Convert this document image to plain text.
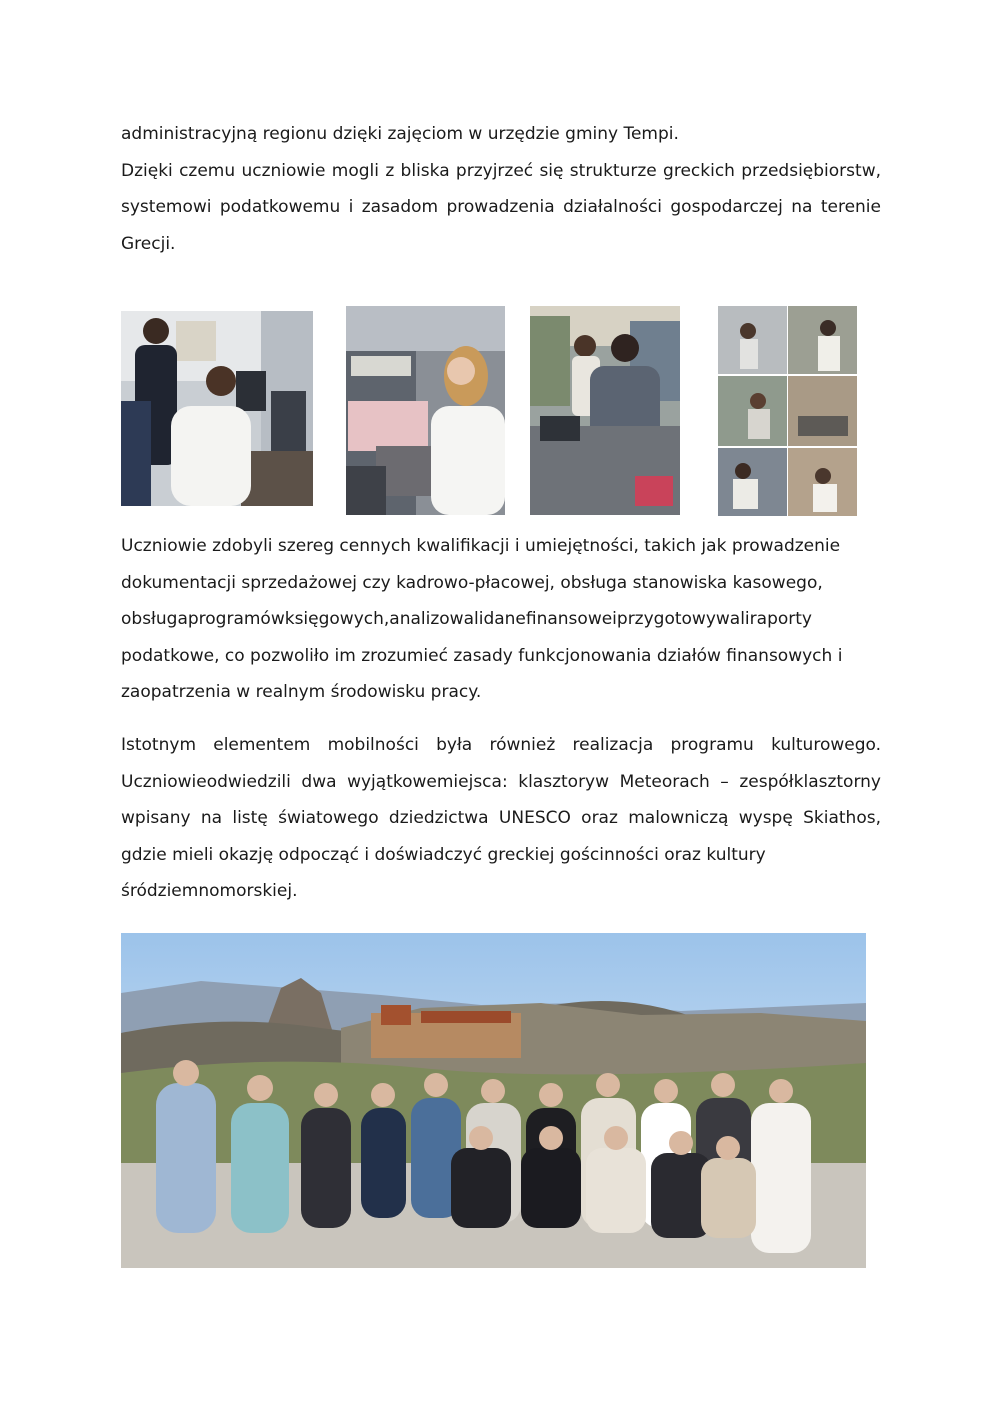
administracyjną regionu dzięki zajęciom w urzędzie gminy Tempi.
Dzięki czemu uczniowie mogli z bliska przyjrzeć się strukturze greckich przedsiębiorstw,
systemowi podatkowemu i zasadom prowadzenia działalności gospodarczej na terenie
Grecji.

Uczniowie zdobyli szereg cennych kwalifikacji i umiejętności, takich jak prowadzenie
dokumentacji sprzedażowej czy kadrowo-płacowej, obsługa stanowiska kasowego,
obsługaprogramówksięgowych,analizowalidanefinansoweiprzygotowywaliraporty
podatkowe, co pozwoliło im zrozumieć zasady funkcjonowania działów finansowych i
zaopatrzenia w realnym środowisku pracy.

Istotnym elementem mobilności była również realizacja programu kulturowego.
Uczniowieodwiedzili dwa wyjątkowemiejsca: klasztoryw Meteorach – zespółklasztorny
wpisany na listę światowego dziedzictwa UNESCO oraz malowniczą wyspę Skiathos,
gdzie mieli okazję odpocząć i doświadczyć greckiej gościnności oraz kultury
śródziemnomorskiej.
